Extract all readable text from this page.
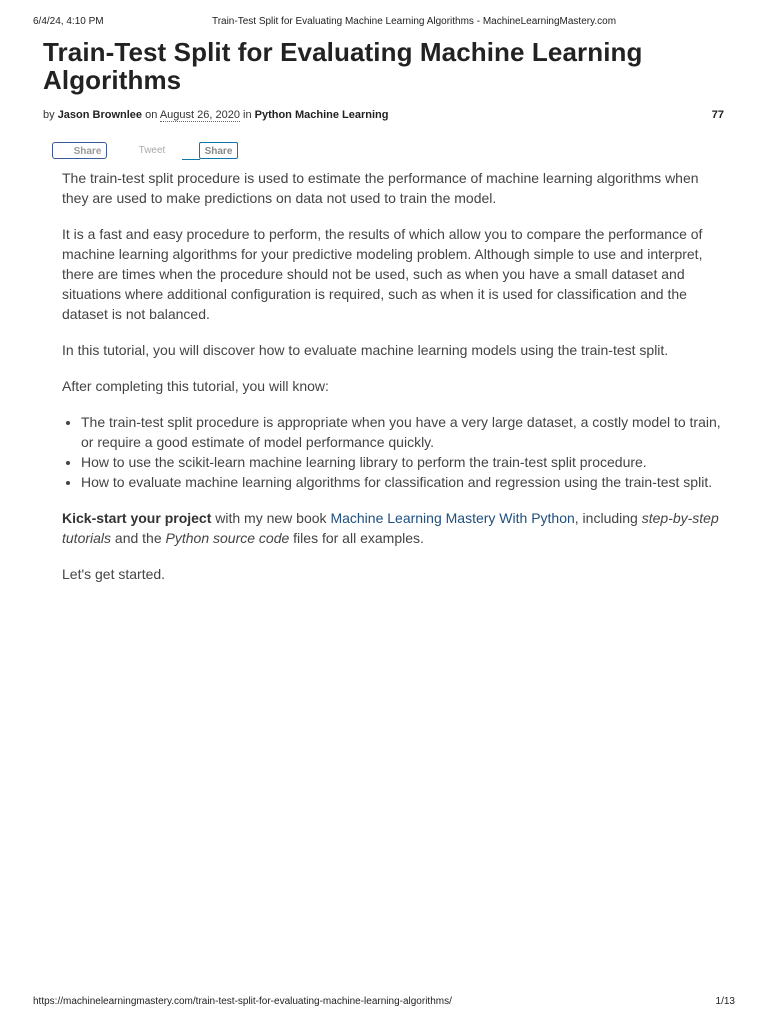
6/4/24, 4:10 PM	Train-Test Split for Evaluating Machine Learning Algorithms - MachineLearningMastery.com
Train-Test Split for Evaluating Machine Learning Algorithms
by Jason Brownlee on August 26, 2020 in Python Machine Learning	77
Share	Tweet	Share

The train-test split procedure is used to estimate the performance of machine learning algorithms when they are used to make predictions on data not used to train the model.

It is a fast and easy procedure to perform, the results of which allow you to compare the performance of machine learning algorithms for your predictive modeling problem. Although simple to use and interpret, there are times when the procedure should not be used, such as when you have a small dataset and situations where additional configuration is required, such as when it is used for classification and the dataset is not balanced.

In this tutorial, you will discover how to evaluate machine learning models using the train-test split.

After completing this tutorial, you will know:

• The train-test split procedure is appropriate when you have a very large dataset, a costly model to train, or require a good estimate of model performance quickly.
• How to use the scikit-learn machine learning library to perform the train-test split procedure.
• How to evaluate machine learning algorithms for classification and regression using the train-test split.

Kick-start your project with my new book Machine Learning Mastery With Python, including step-by-step tutorials and the Python source code files for all examples.

Let's get started.

https://machinelearningmastery.com/train-test-split-for-evaluating-machine-learning-algorithms/	1/13
